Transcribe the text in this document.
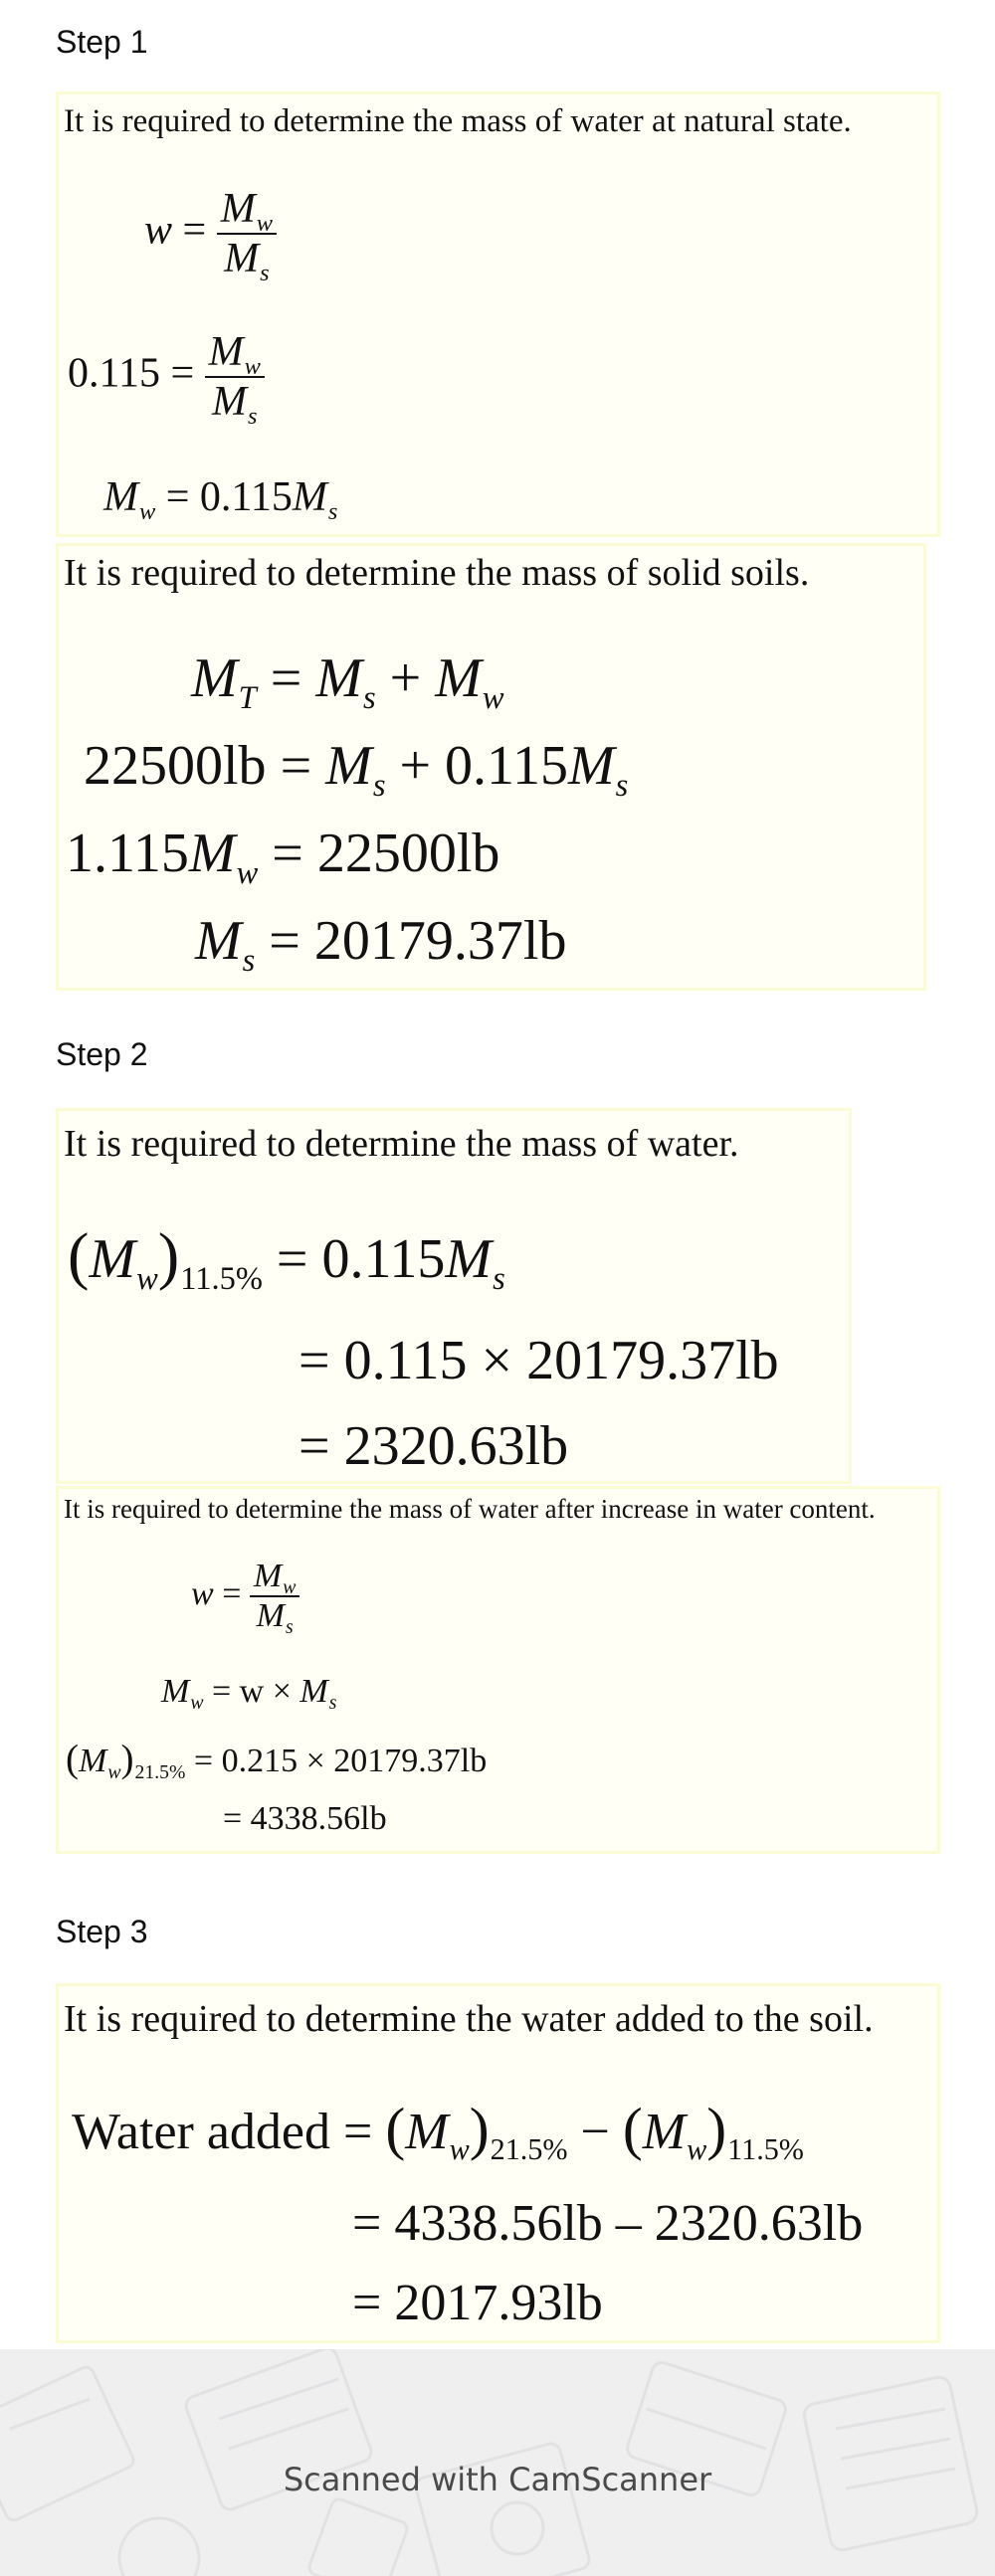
Step 1
It is required to determine the mass of water at natural state.
$w = \frac{M_w}{M_s}$
$0.115 = \frac{M_w}{M_s}$
$M_w = 0.115M_s$
It is required to determine the mass of solid soils.
$M_T = M_s + M_w$
$22500lb = M_s + 0.115M_s$
$1.115M_w = 22500lb$
$M_s = 20179.37lb$
Step 2
It is required to determine the mass of water.
$(M_w)_{11.5\%} = 0.115M_s$
= 0.115 × 20179.37lb
= 2320.63lb
It is required to determine the mass of water after increase in water content.
$w = \frac{M_w}{M_s}$
$M_w = w \times M_s$
$(M_w)_{21.5\%} = 0.215 \times 20179.37lb$
= 4338.56lb
Step 3
It is required to determine the water added to the soil.
Water added = $(M_w)_{21.5\%} - (M_w)_{11.5\%}$
= 4338.56lb – 2320.63lb
= 2017.93lb
Scanned with CamScanner
